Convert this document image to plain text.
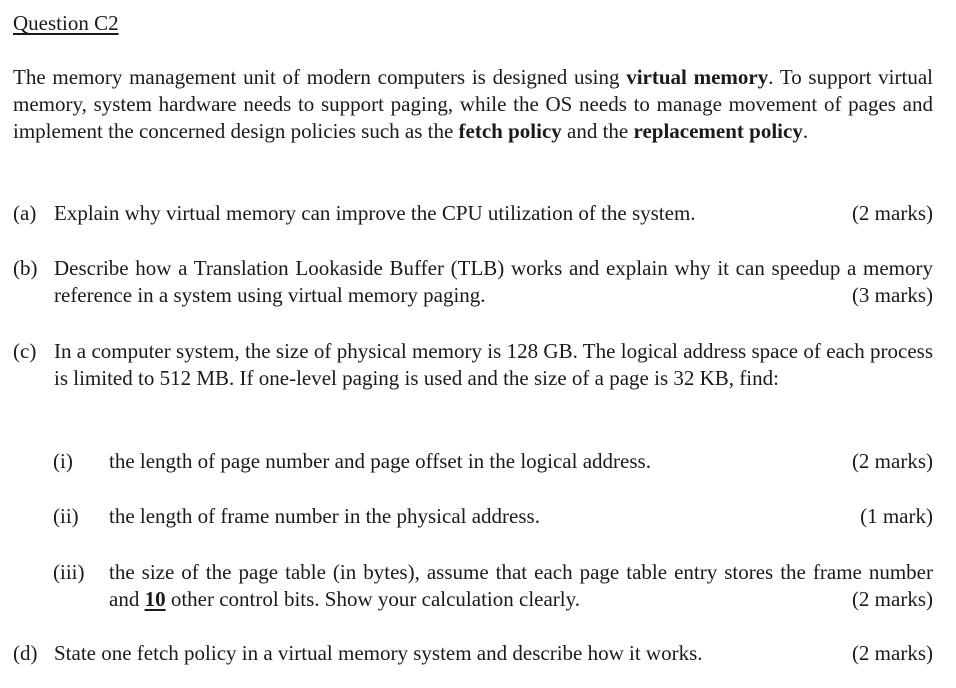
Question C2
The memory management unit of modern computers is designed using virtual memory. To support virtual memory, system hardware needs to support paging, while the OS needs to manage movement of pages and implement the concerned design policies such as the fetch policy and the replacement policy.
(a)	(2 marks)
Explain why virtual memory can improve the CPU utilization of the system.
(b) Describe how a Translation Lookaside Buffer (TLB) works and explain why it can speedup a memory reference in a system using virtual memory paging.	(3 marks)
(c) In a computer system, the size of physical memory is 128 GB. The logical address space of each process is limited to 512 MB. If one-level paging is used and the size of a page is 32 KB, find:
(i)	(2 marks)
the length of page number and page offset in the logical address.
(ii)	(1 mark)
the length of frame number in the physical address.
(iii) the size of the page table (in bytes), assume that each page table entry stores the frame number and 10 other control bits. Show your calculation clearly.	(2 marks)
(d)	(2 marks)
State one fetch policy in a virtual memory system and describe how it works.
